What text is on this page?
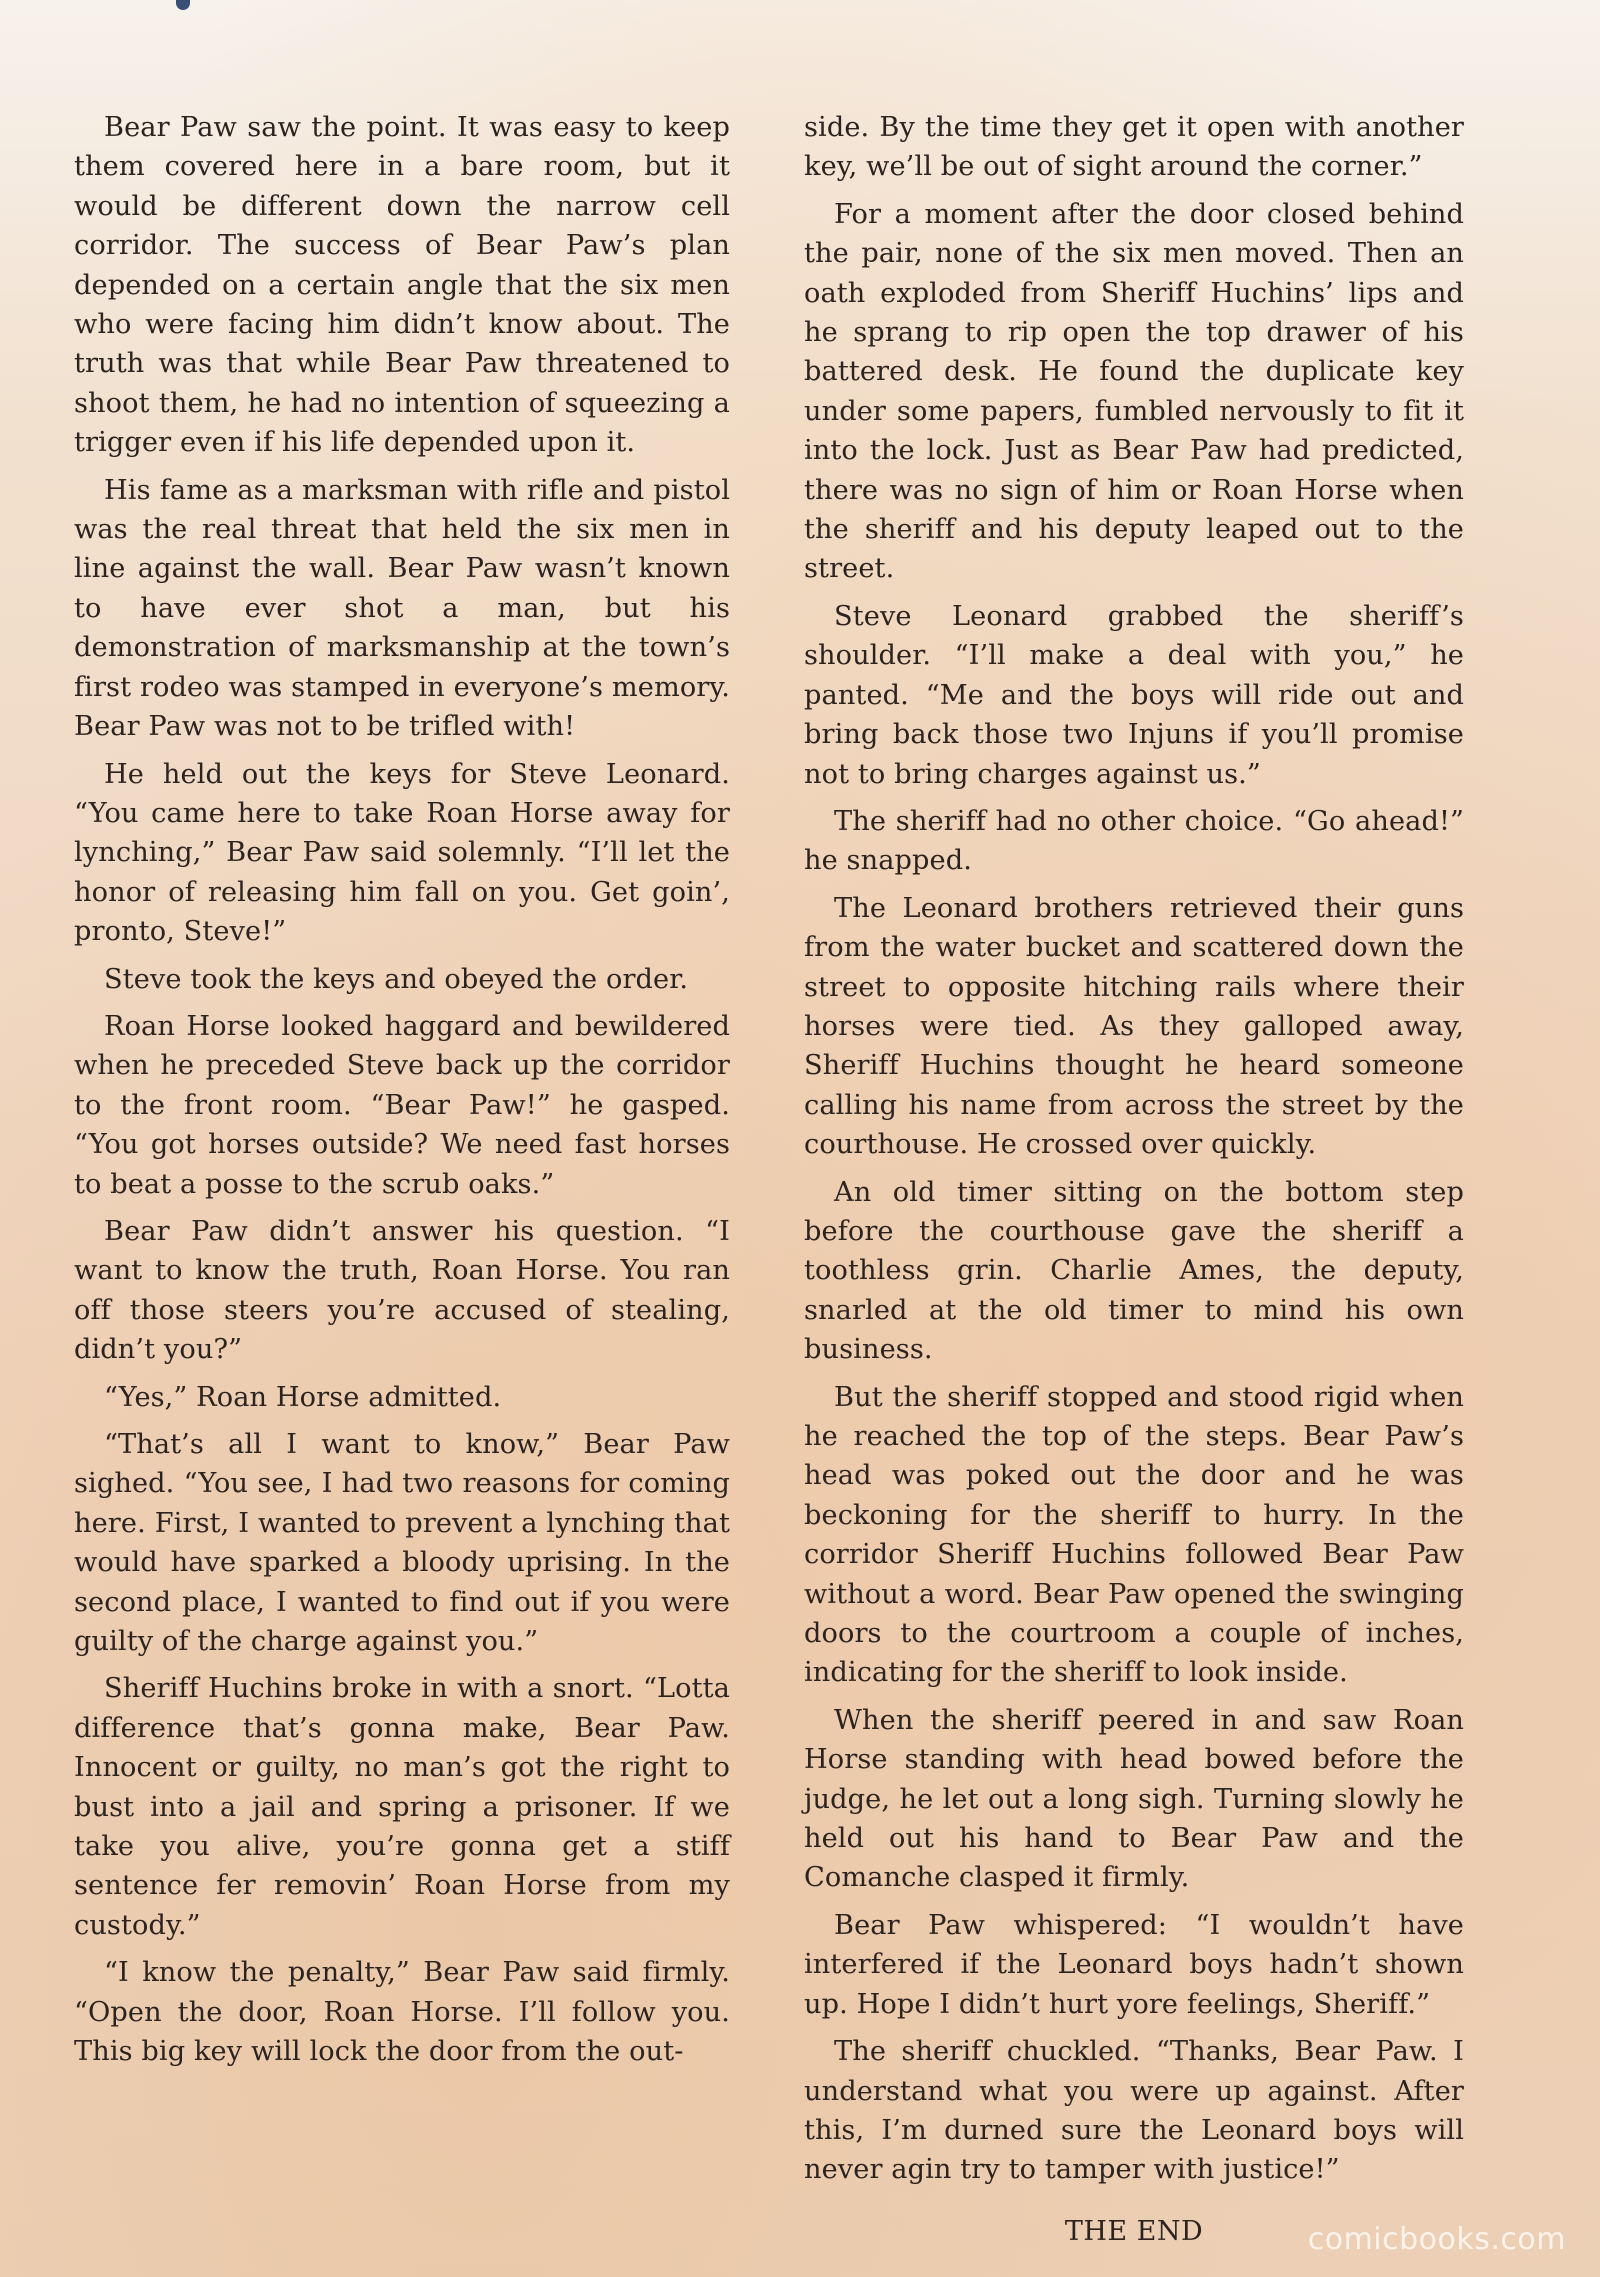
Bear Paw saw the point. It was easy to keep them covered here in a bare room, but it would be different down the narrow cell corridor. The success of Bear Paw’s plan depended on a certain angle that the six men who were facing him didn’t know about. The truth was that while Bear Paw threatened to shoot them, he had no intention of squeezing a trigger even if his life depended upon it.

His fame as a marksman with rifle and pistol was the real threat that held the six men in line against the wall. Bear Paw wasn’t known to have ever shot a man, but his demonstration of marksmanship at the town’s first rodeo was stamped in everyone’s memory. Bear Paw was not to be trifled with!

He held out the keys for Steve Leonard. “You came here to take Roan Horse away for lynching,” Bear Paw said solemnly. “I’ll let the honor of releasing him fall on you. Get goin’, pronto, Steve!”

Steve took the keys and obeyed the order.

Roan Horse looked haggard and bewildered when he preceded Steve back up the corridor to the front room. “Bear Paw!” he gasped. “You got horses outside? We need fast horses to beat a posse to the scrub oaks.”

Bear Paw didn’t answer his question. “I want to know the truth, Roan Horse. You ran off those steers you’re accused of stealing, didn’t you?”

“Yes,” Roan Horse admitted.

“That’s all I want to know,” Bear Paw sighed. “You see, I had two reasons for coming here. First, I wanted to prevent a lynching that would have sparked a bloody uprising. In the second place, I wanted to find out if you were guilty of the charge against you.”

Sheriff Huchins broke in with a snort. “Lotta difference that’s gonna make, Bear Paw. Innocent or guilty, no man’s got the right to bust into a jail and spring a prisoner. If we take you alive, you’re gonna get a stiff sentence fer removin’ Roan Horse from my custody.”

“I know the penalty,” Bear Paw said firmly. “Open the door, Roan Horse. I’ll follow you. This big key will lock the door from the out-

side. By the time they get it open with another key, we’ll be out of sight around the corner.”

For a moment after the door closed behind the pair, none of the six men moved. Then an oath exploded from Sheriff Huchins’ lips and he sprang to rip open the top drawer of his battered desk. He found the duplicate key under some papers, fumbled nervously to fit it into the lock. Just as Bear Paw had predicted, there was no sign of him or Roan Horse when the sheriff and his deputy leaped out to the street.

Steve Leonard grabbed the sheriff’s shoulder. “I’ll make a deal with you,” he panted. “Me and the boys will ride out and bring back those two Injuns if you’ll promise not to bring charges against us.”

The sheriff had no other choice. “Go ahead!” he snapped.

The Leonard brothers retrieved their guns from the water bucket and scattered down the street to opposite hitching rails where their horses were tied. As they galloped away, Sheriff Huchins thought he heard someone calling his name from across the street by the courthouse. He crossed over quickly.

An old timer sitting on the bottom step before the courthouse gave the sheriff a toothless grin. Charlie Ames, the deputy, snarled at the old timer to mind his own business.

But the sheriff stopped and stood rigid when he reached the top of the steps. Bear Paw’s head was poked out the door and he was beckoning for the sheriff to hurry. In the corridor Sheriff Huchins followed Bear Paw without a word. Bear Paw opened the swinging doors to the courtroom a couple of inches, indicating for the sheriff to look inside.

When the sheriff peered in and saw Roan Horse standing with head bowed before the judge, he let out a long sigh. Turning slowly he held out his hand to Bear Paw and the Comanche clasped it firmly.

Bear Paw whispered: “I wouldn’t have interfered if the Leonard boys hadn’t shown up. Hope I didn’t hurt yore feelings, Sheriff.”

The sheriff chuckled. “Thanks, Bear Paw. I understand what you were up against. After this, I’m durned sure the Leonard boys will never agin try to tamper with justice!”

THE END	comicbooks.com
